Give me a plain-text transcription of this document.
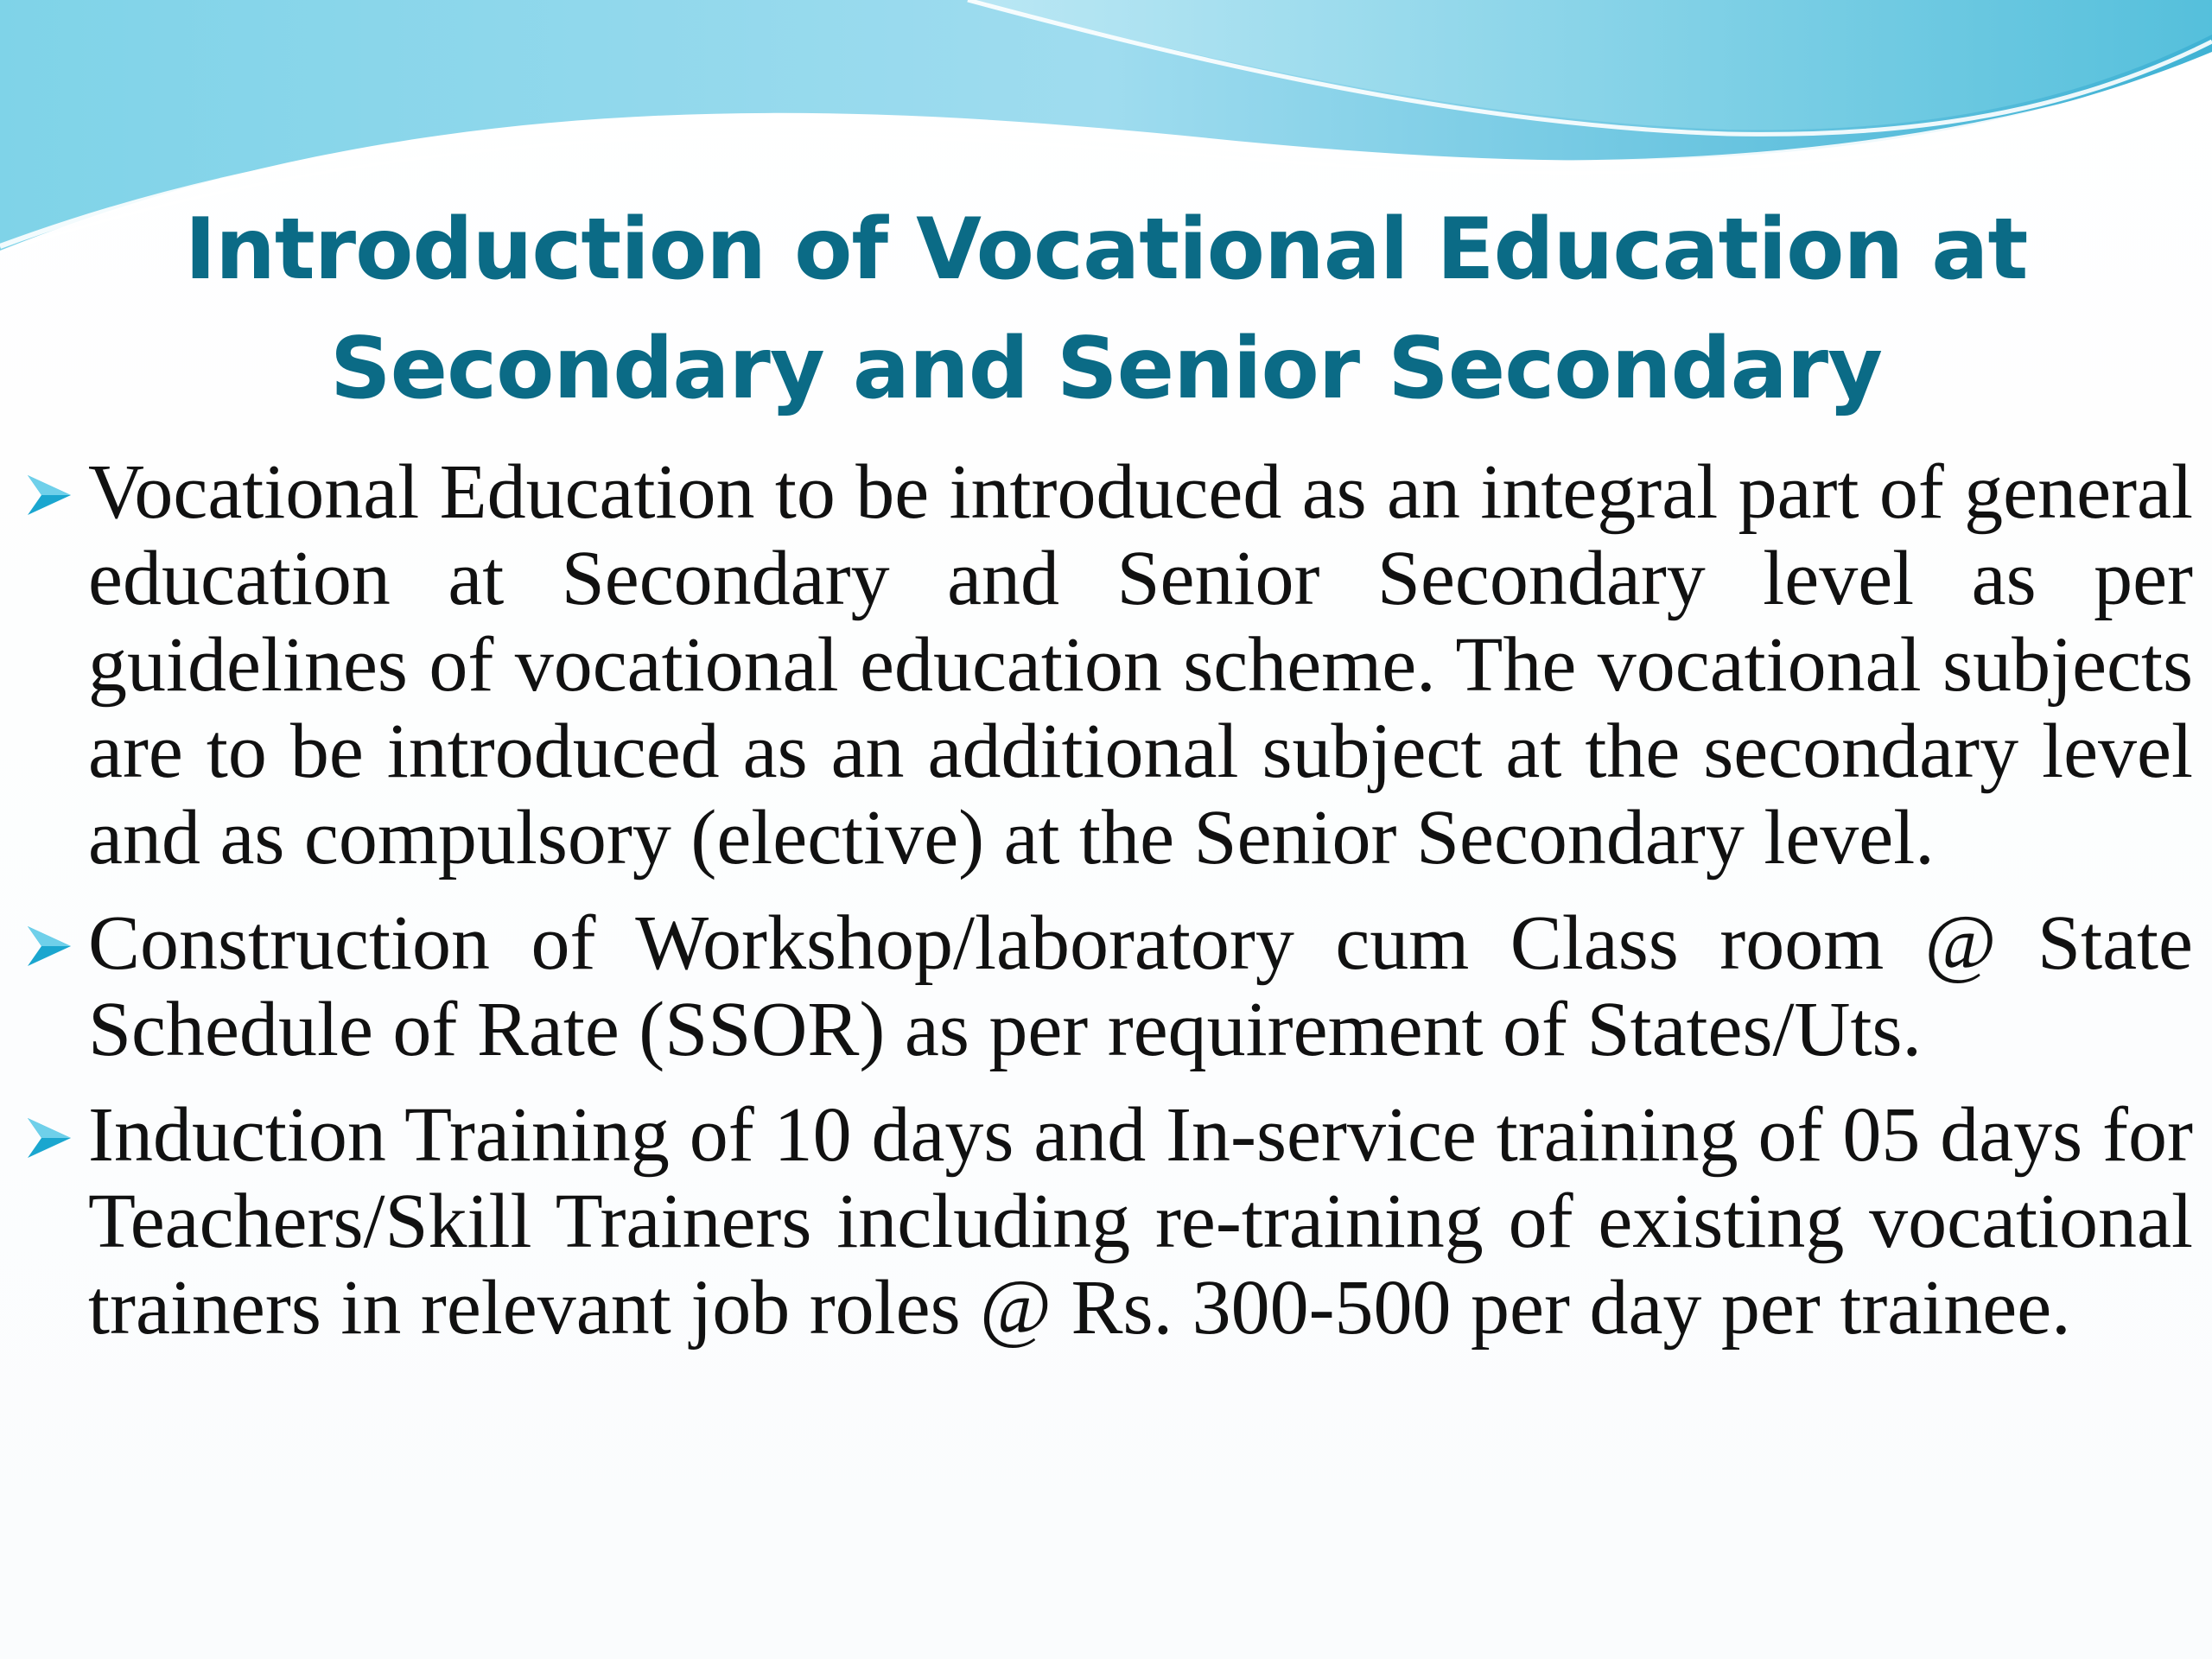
Introduction of Vocational Education at
Secondary and Senior Secondary
Vocational Education to be introduced as an integral part of general education at Secondary and Senior Secondary level as per guidelines of vocational education scheme. The vocational subjects are to be introduced as an additional subject at the secondary level and as compulsory (elective) at the Senior Secondary level.
Construction of Workshop/laboratory cum Class room @ State Schedule of Rate (SSOR) as per requirement of States/Uts.
Induction Training of 10 days and In-service training of 05 days for Teachers/Skill Trainers including re-training of existing vocational trainers in relevant job roles @ Rs. 300-500 per day per trainee.
